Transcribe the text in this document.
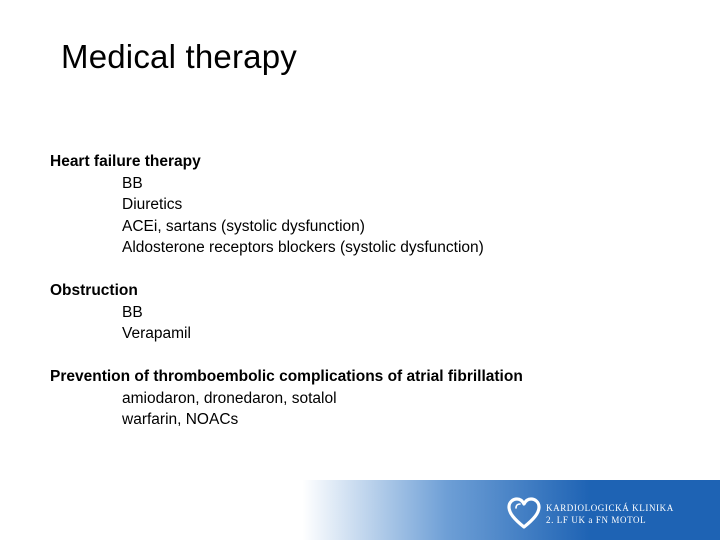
Medical therapy
Heart failure therapy
BB
Diuretics
ACEi, sartans (systolic dysfunction)
Aldosterone receptors blockers (systolic dysfunction)
Obstruction
BB
Verapamil
Prevention of thromboembolic complications of atrial fibrillation
amiodaron, dronedaron, sotalol
warfarin, NOACs
KARDIOLOGICKÁ KLINIKA
2. LF UK a FN MOTOL
